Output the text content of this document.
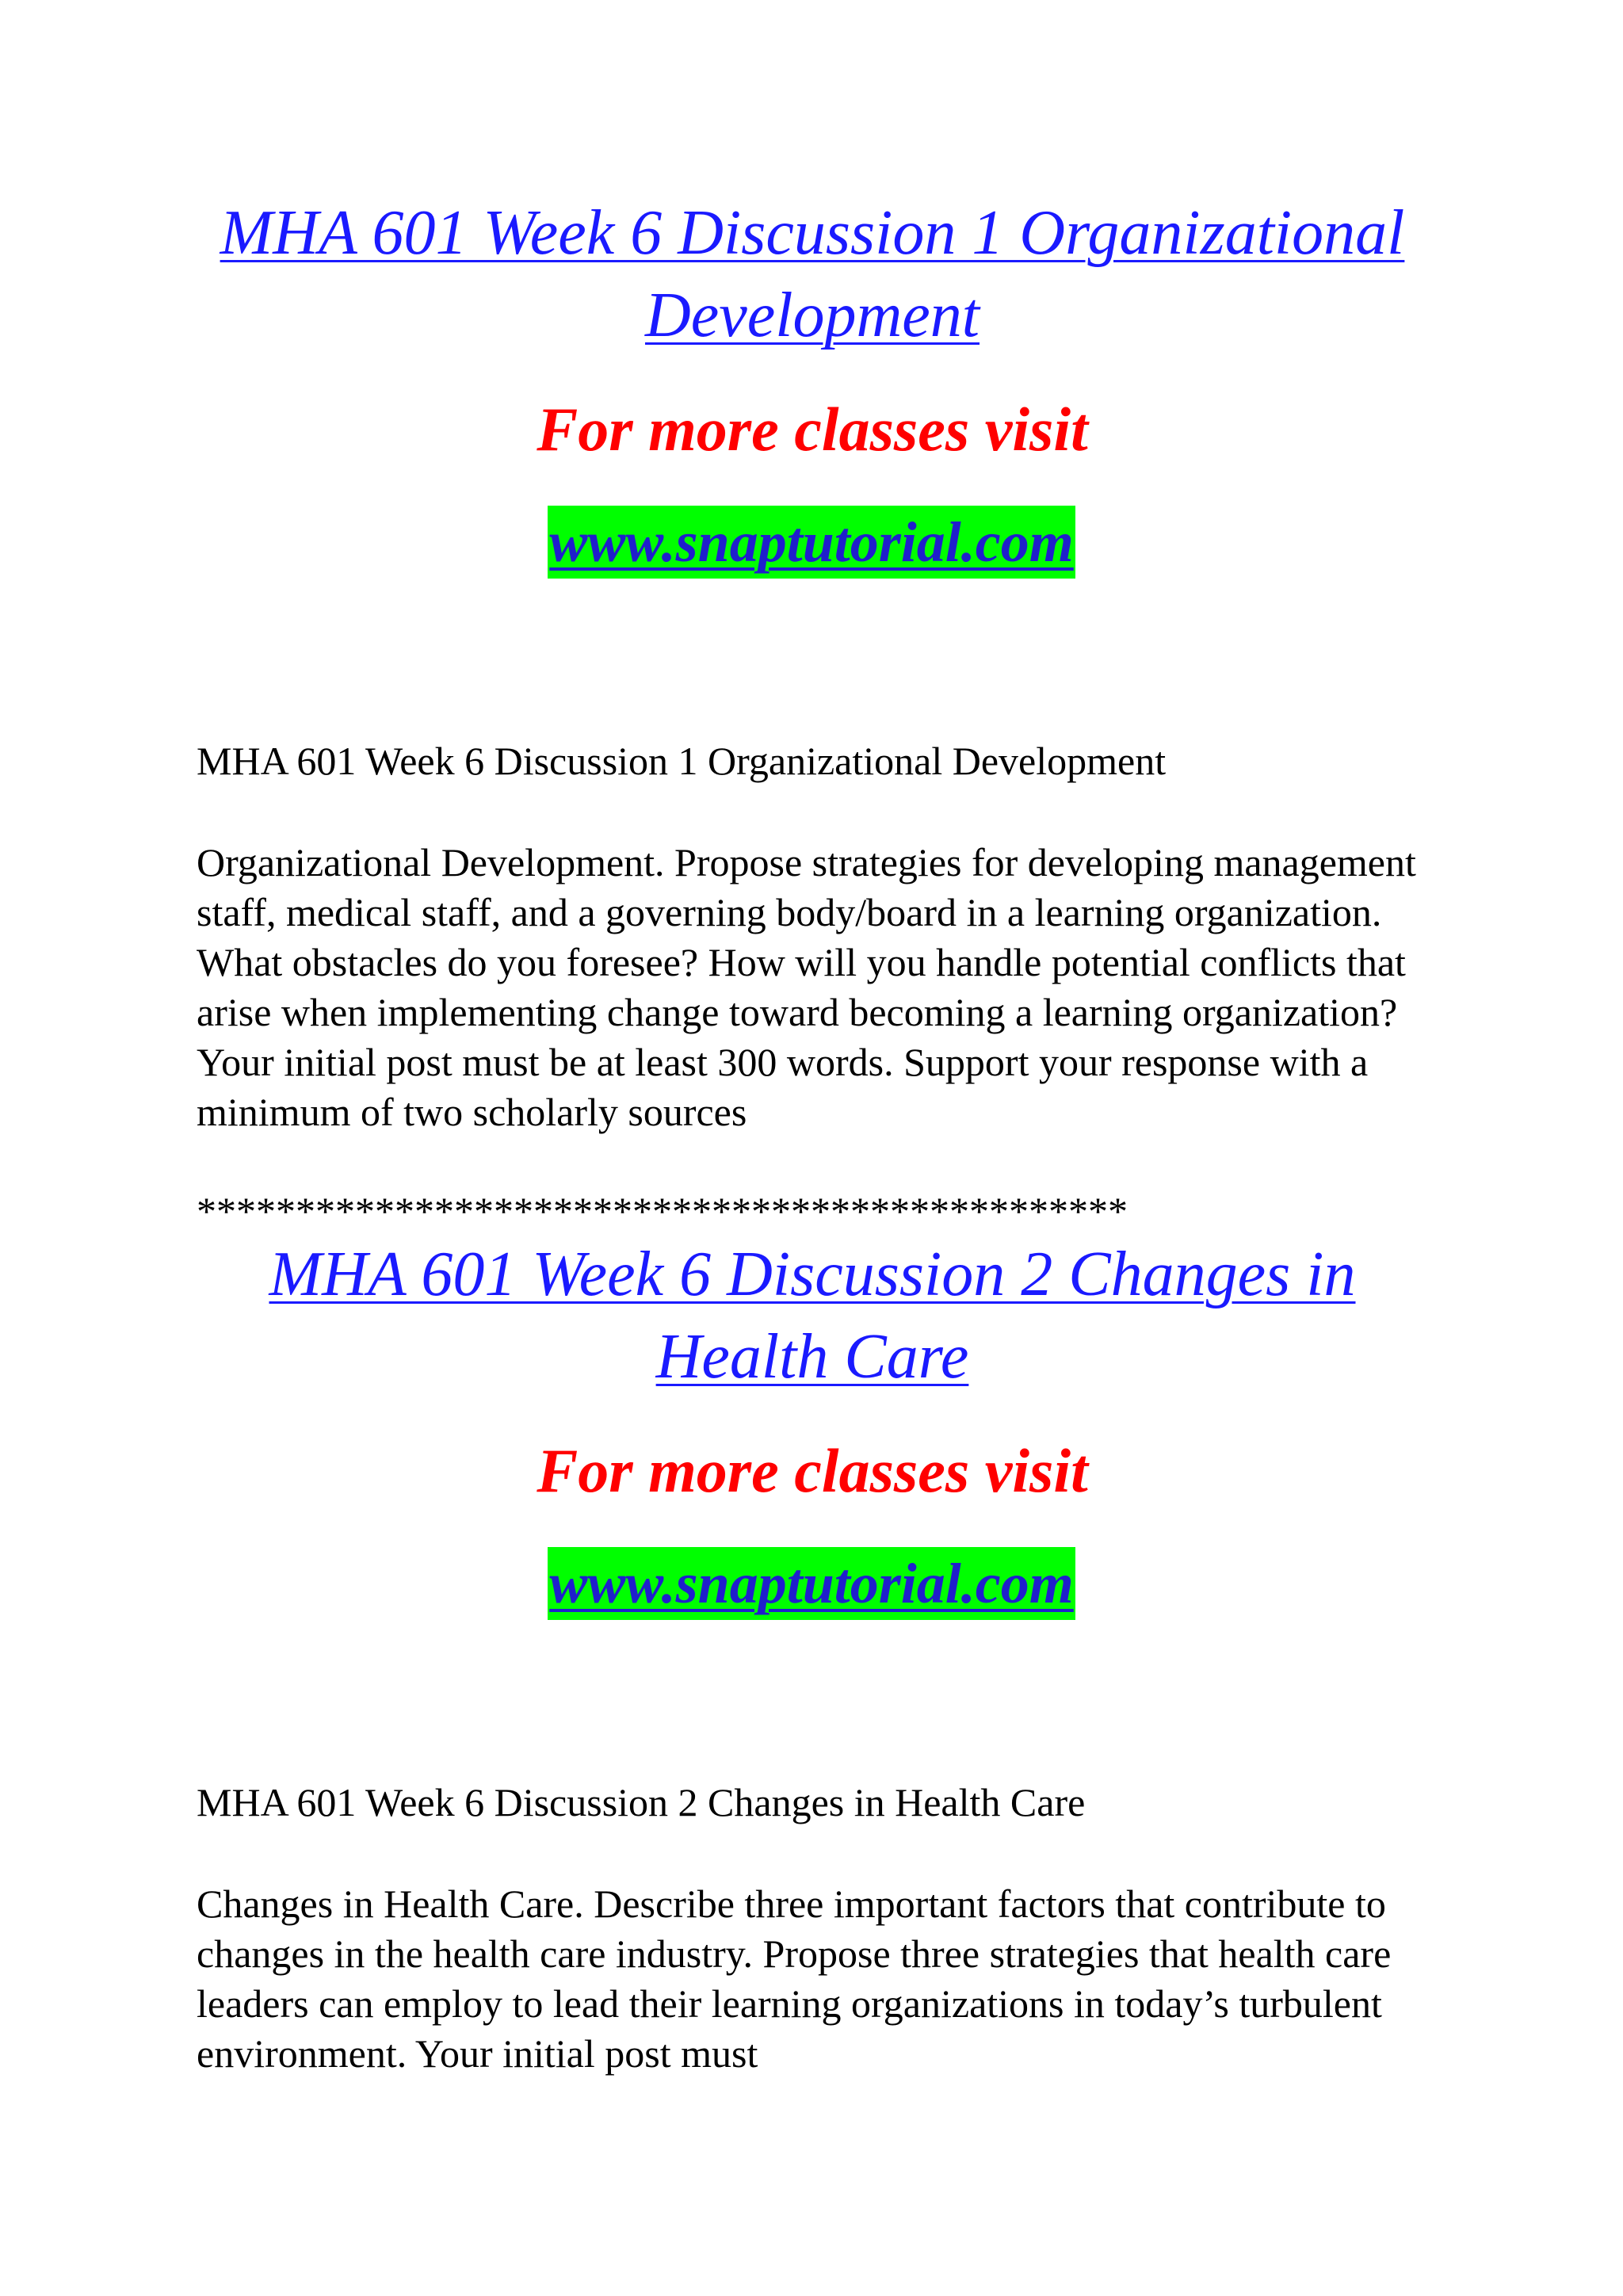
MHA 601 Week 6 Discussion 1 Organizational Development

For more classes visit

www.snaptutorial.com
MHA 601 Week 6 Discussion 1 Organizational Development

Organizational Development. Propose strategies for developing management staff, medical staff, and a governing body/board in a learning organization. What obstacles do you foresee? How will you handle potential conflicts that arise when implementing change toward becoming a learning organization? Your initial post must be at least 300 words. Support your response with a minimum of two scholarly sources

***********************************************

MHA 601 Week 6 Discussion 2 Changes in Health Care

For more classes visit

www.snaptutorial.com
MHA 601 Week 6 Discussion 2 Changes in Health Care

Changes in Health Care. Describe three important factors that contribute to changes in the health care industry. Propose three strategies that health care leaders can employ to lead their learning organizations in today’s turbulent environment. Your initial post must
